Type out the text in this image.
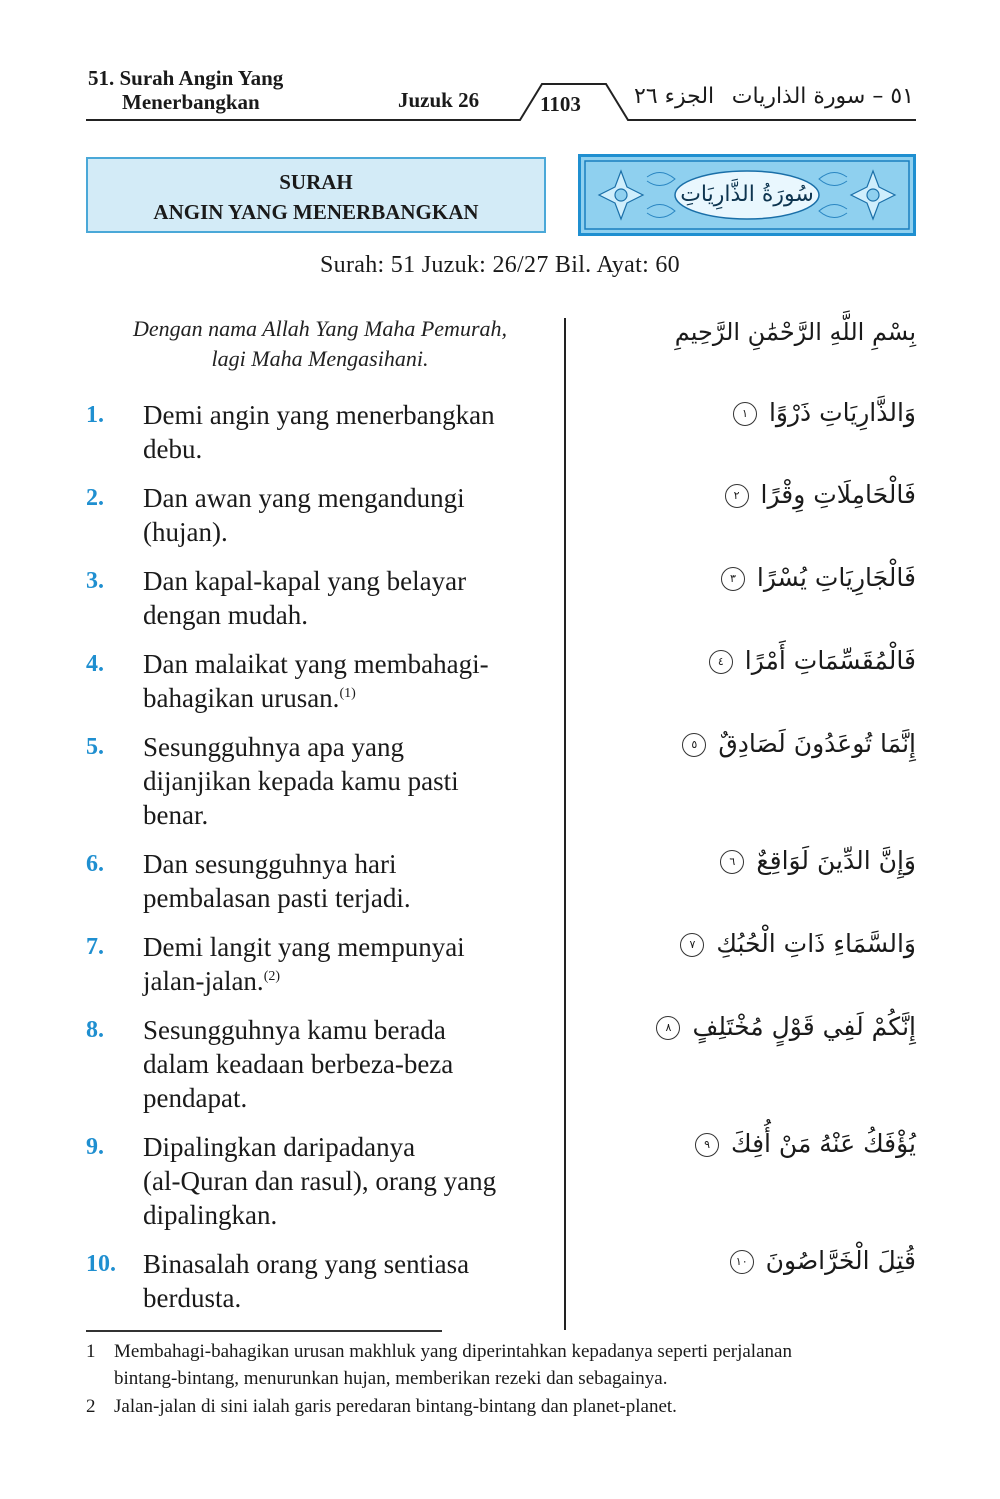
51. Surah Angin Yang
Menerbangkan	Juzuk 26	1103 الجزء ٢٦ ٥١ – سورة الذاريات
SURAH
ANGIN YANG MENERBANGKAN
سُورَةُ الذَّارِيَاتِ
Surah: 51 Juzuk: 26/27 Bil. Ayat: 60
Dengan nama Allah Yang Maha Pemurah,
lagi Maha Mengasihani.
بِسْمِ اللَّهِ الرَّحْمَٰنِ الرَّحِيمِ
1.	Demi angin yang menerbangkan
debu.
وَالذَّارِيَاتِ ذَرْوًا ١
2.	Dan awan yang mengandungi
(hujan).
فَالْحَامِلَاتِ وِقْرًا ٢
3.	Dan kapal-kapal yang belayar
dengan mudah.
فَالْجَارِيَاتِ يُسْرًا ٣
4.	Dan malaikat yang membahagi-
bahagikan urusan.$^{(1)}$
فَالْمُقَسِّمَاتِ أَمْرًا ٤
5.	Sesungguhnya apa yang
dijanjikan kepada kamu pasti
benar.
إِنَّمَا تُوعَدُونَ لَصَادِقٌ ٥
6.	Dan sesungguhnya hari
pembalasan pasti terjadi.
وَإِنَّ الدِّينَ لَوَاقِعٌ ٦
7.	Demi langit yang mempunyai
jalan-jalan.$^{(2)}$
وَالسَّمَاءِ ذَاتِ الْحُبُكِ ٧
8.	Sesungguhnya kamu berada
dalam keadaan berbeza-beza
pendapat.
إِنَّكُمْ لَفِي قَوْلٍ مُخْتَلِفٍ ٨
9.	Dipalingkan daripadanya
(al-Quran dan rasul), orang yang
dipalingkan.
يُؤْفَكُ عَنْهُ مَنْ أُفِكَ ٩
10.	Binasalah orang yang sentiasa
berdusta.
قُتِلَ الْخَرَّاصُونَ ١٠
1 Membahagi-bahagikan urusan makhluk yang diperintahkan kepadanya seperti perjalanan
bintang-bintang, menurunkan hujan, memberikan rezeki dan sebagainya.
2 Jalan-jalan di sini ialah garis peredaran bintang-bintang dan planet-planet.
